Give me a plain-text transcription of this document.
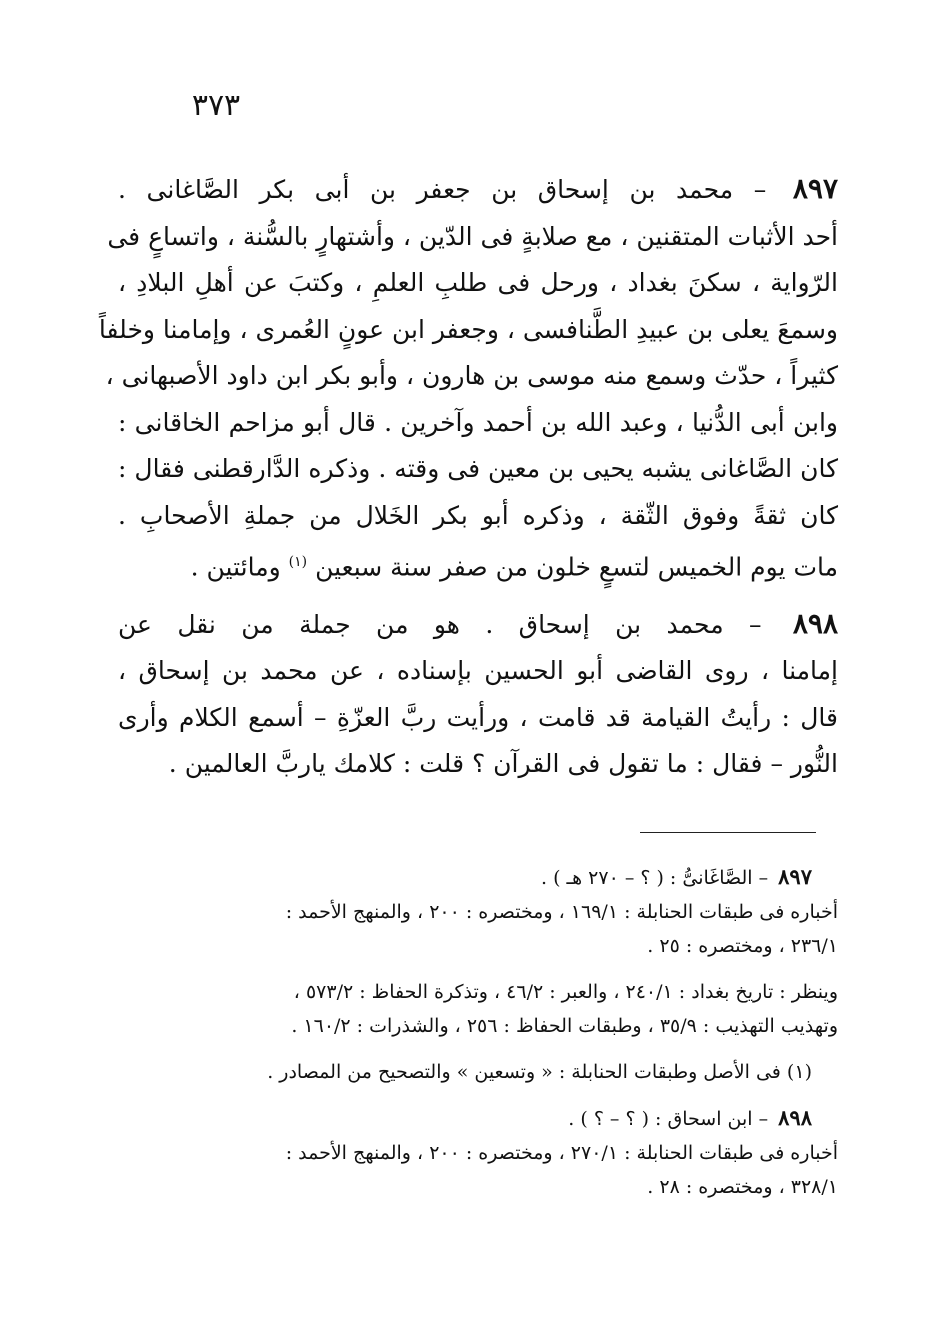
٣٧٣

٨٩٧ – محمد بن إسحاق بن جعفر بن أبى بكر الصَّاغانى .

أحد الأثبات المتقنين ، مع صلابةٍ فى الدّين ، وأشتهارٍ بالسُّنة ، واتساعٍ فى

الرّواية ، سكنَ بغداد ، ورحل فى طلبِ العلمِ ، وكتبَ عن أهلِ البلادِ ،

وسمعَ يعلى بن عبيدِ الطَّنافسى ، وجعفر ابن عونٍ العُمرى ، وإمامنا وخلفاً

كثيراً ، حدّث وسمع منه موسى بن هارون ، وأبو بكر ابن داود الأصبهانى ،

وابن أبى الدُّنيا ، وعبد الله بن أحمد وآخرين . قال أبو مزاحم الخاقانى :

كان الصَّاغانى يشبه يحيى بن معين فى وقته . وذكره الدَّارقطنى فقال :

كان ثقةً وفوق الثّقة ، وذكره أبو بكر الخَلال من جملةِ الأصحابِ .

مات يوم الخميس لتسعٍ خلون من صفر سنة سبعين $^{(١)}$ ومائتين .

٨٩٨ – محمد بن إسحاق . هو من جملة من نقل عن

إمامنا ، روى القاضى أبو الحسين بإسناده ، عن محمد بن إسحاق ،

قال : رأيتُ القيامة قد قامت ، ورأيت ربَّ العزّةِ – أسمع الكلام وأرى

النُّور – فقال : ما تقول فى القرآن ؟ قلت : كلامك ياربَّ العالمين .

٨٩٧ – الصَّاغَانىُّ : ( ؟ – ٢٧٠ هـ ) .

أخباره فى طبقات الحنابلة : ١٦٩/١ ، ومختصره : ٢٠٠ ، والمنهج الأحمد :

٢٣٦/١ ، ومختصره : ٢٥ .

وينظر : تاريخ بغداد : ٢٤٠/١ ، والعبر : ٤٦/٢ ، وتذكرة الحفاظ : ٥٧٣/٢ ،

وتهذيب التهذيب : ٣٥/٩ ، وطبقات الحفاظ : ٢٥٦ ، والشذرات : ١٦٠/٢ .

(١) فى الأصل وطبقات الحنابلة : « وتسعين » والتصحيح من المصادر .

٨٩٨ – ابن اسحاق : ( ؟ – ؟ ) .

أخباره فى طبقات الحنابلة : ٢٧٠/١ ، ومختصره : ٢٠٠ ، والمنهج الأحمد :

٣٢٨/١ ، ومختصره : ٢٨ .
